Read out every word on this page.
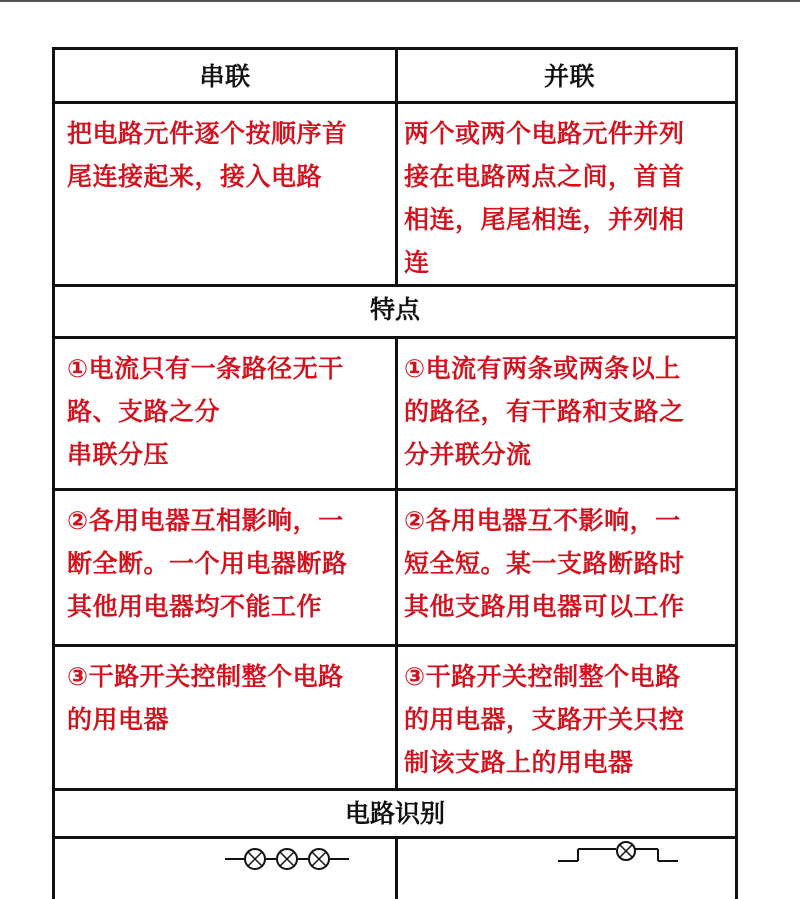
串联	并联
把电路元件逐个按顺序首
尾连接起来，接入电路
两个或两个电路元件并列
接在电路两点之间，首首
相连，尾尾相连，并列相
连
特点
①电流只有一条路径无干
路、支路之分
串联分压
①电流有两条或两条以上
的路径，有干路和支路之
分并联分流
②各用电器互相影响，一
断全断。一个用电器断路
其他用电器均不能工作
②各用电器互不影响，一
短全短。某一支路断路时
其他支路用电器可以工作
③干路开关控制整个电路
的用电器
③干路开关控制整个电路
的用电器，支路开关只控
制该支路上的用电器
电路识别
